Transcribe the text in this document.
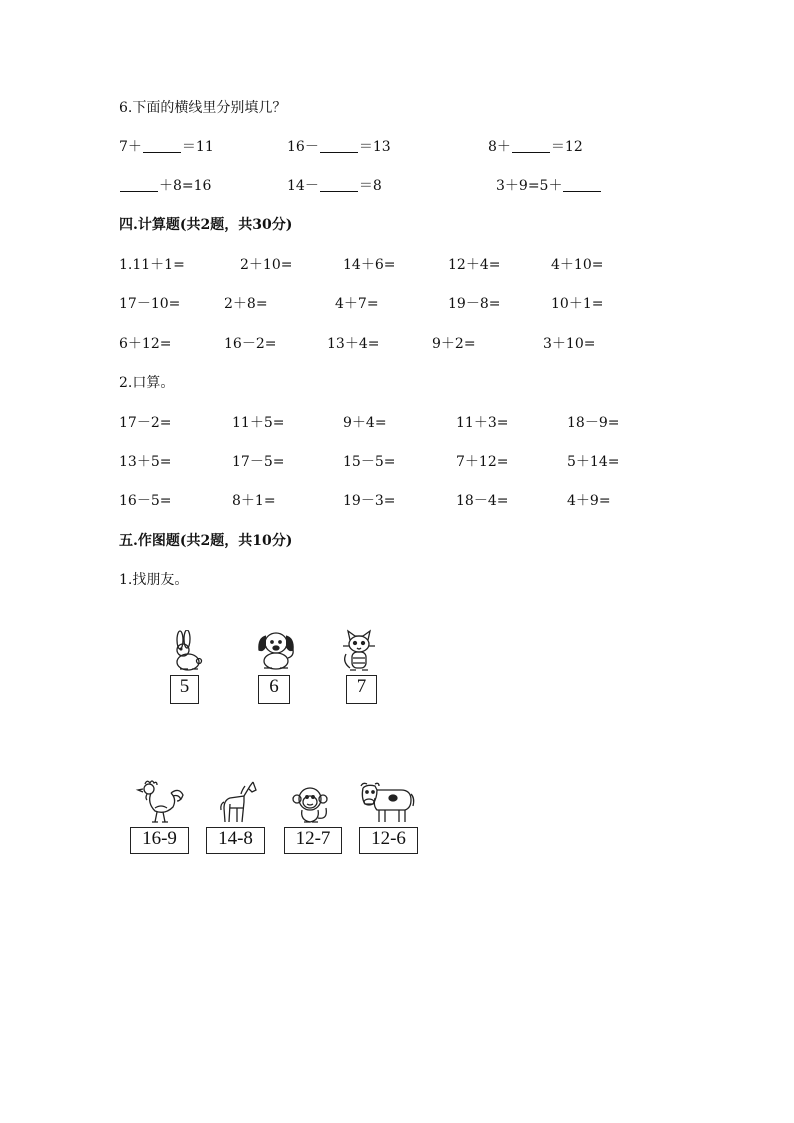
6.下面的横线里分别填几？
7＋	＝11	16－	＝13	8＋	＝12
＋8=16	14－	＝8	3＋9=5＋
四.计算题(共2题，共30分)
1.11＋1=	2＋10=	14＋6=	12＋4=	4＋10=
17－10=	2＋8=	4＋7=	19－8=	10＋1=
6＋12=	16－2=	13＋4=	9＋2=	3＋10=
2.口算。
17－2=	11＋5=	9＋4=	11＋3=	18－9=
13＋5=	17－5=	15－5=	7＋12=	5＋14=
16－5=	8＋1=	19－3=	18－4=	4＋9=
五.作图题(共2题，共10分)
1.找朋友。
5	6	7
16-9	14-8	12-7	12-6
